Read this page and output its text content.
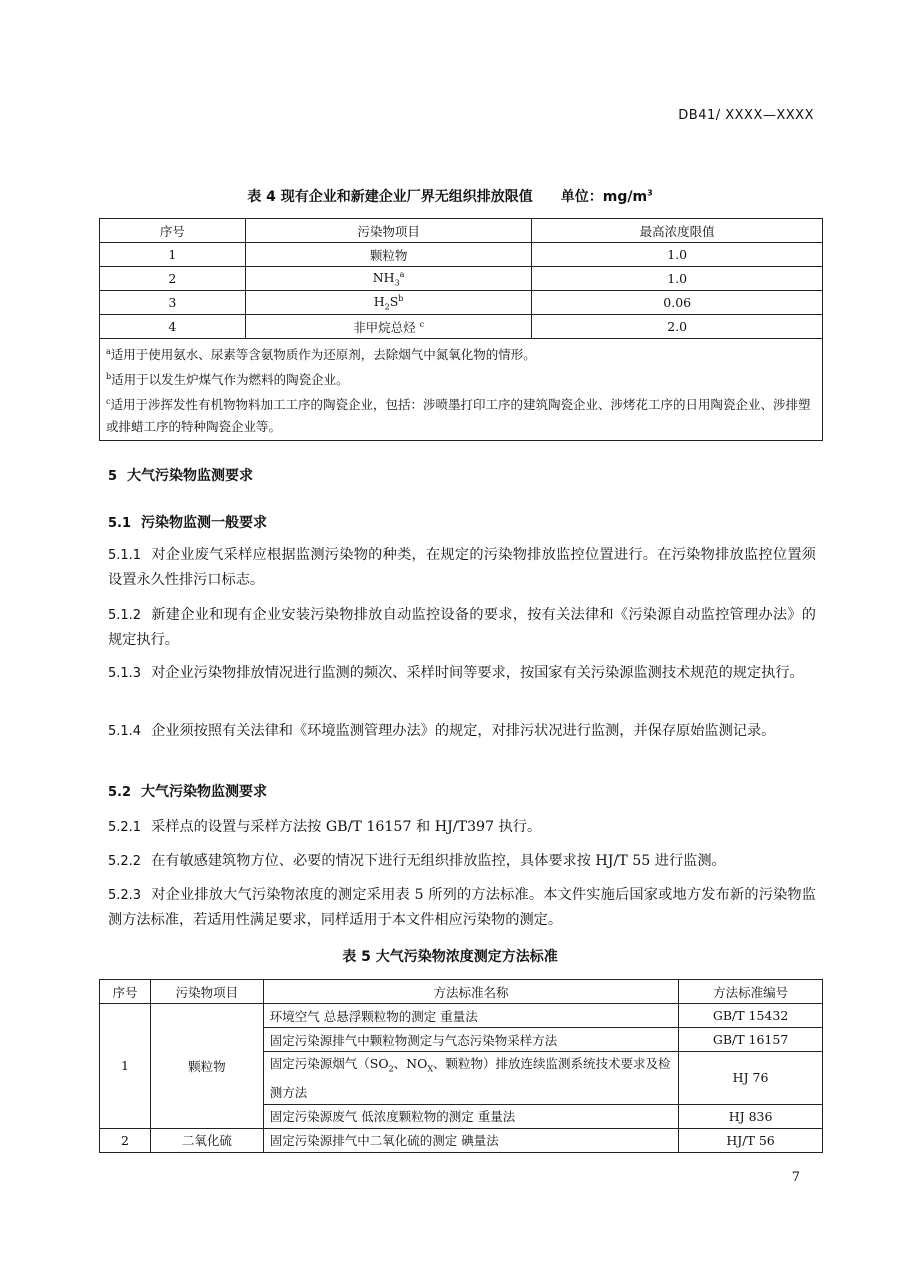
DB41/ XXXX—XXXX
表 4 现有企业和新建企业厂界无组织排放限值 单位：$mg/m^3$
序号	污染物项目	最高浓度限值
1	颗粒物	1.0
2	$NH_3^a$	1.0
3	$H_2S^b$	0.06
4	非甲烷总烃 $^c$	2.0

$^a$适用于使用氨水、尿素等含氨物质作为还原剂，去除烟气中氮氧化物的情形。
$^b$适用于以发生炉煤气作为燃料的陶瓷企业。
$^c$适用于涉挥发性有机物物料加工工序的陶瓷企业，包括：涉喷墨打印工序的建筑陶瓷企业、涉烤花工序的日用陶瓷企业、涉排塑或排蜡工序的特种陶瓷企业等。		
5 大气污染物监测要求
5.1 污染物监测一般要求
5.1.1 对企业废气采样应根据监测污染物的种类，在规定的污染物排放监控位置进行。在污染物排放监控位置须设置永久性排污口标志。
5.1.2 新建企业和现有企业安装污染物排放自动监控设备的要求，按有关法律和《污染源自动监控管理办法》的规定执行。
5.1.3 对企业污染物排放情况进行监测的频次、采样时间等要求，按国家有关污染源监测技术规范的规定执行。
5.1.4 企业须按照有关法律和《环境监测管理办法》的规定，对排污状况进行监测，并保存原始监测记录。
5.2 大气污染物监测要求
5.2.1 采样点的设置与采样方法按 GB/T 16157 和 HJ/T397 执行。
5.2.2 在有敏感建筑物方位、必要的情况下进行无组织排放监控，具体要求按 HJ/T 55 进行监测。
5.2.3 对企业排放大气污染物浓度的测定采用表 5 所列的方法标准。本文件实施后国家或地方发布新的污染物监测方法标准，若适用性满足要求，同样适用于本文件相应污染物的测定。
表 5 大气污染物浓度测定方法标准
序号	污染物项目	方法标准名称	方法标准编号
1	颗粒物	环境空气 总悬浮颗粒物的测定 重量法	GB/T 15432
		固定污染源排气中颗粒物测定与气态污染物采样方法	GB/T 16157
		固定污染源烟气（$SO_2$、$NO_X$、颗粒物）排放连续监测系统技术要求及检测方法	HJ 76
		固定污染源废气 低浓度颗粒物的测定 重量法	HJ 836
2	二氧化硫	固定污染源排气中二氧化硫的测定 碘量法	HJ/T 56
7
